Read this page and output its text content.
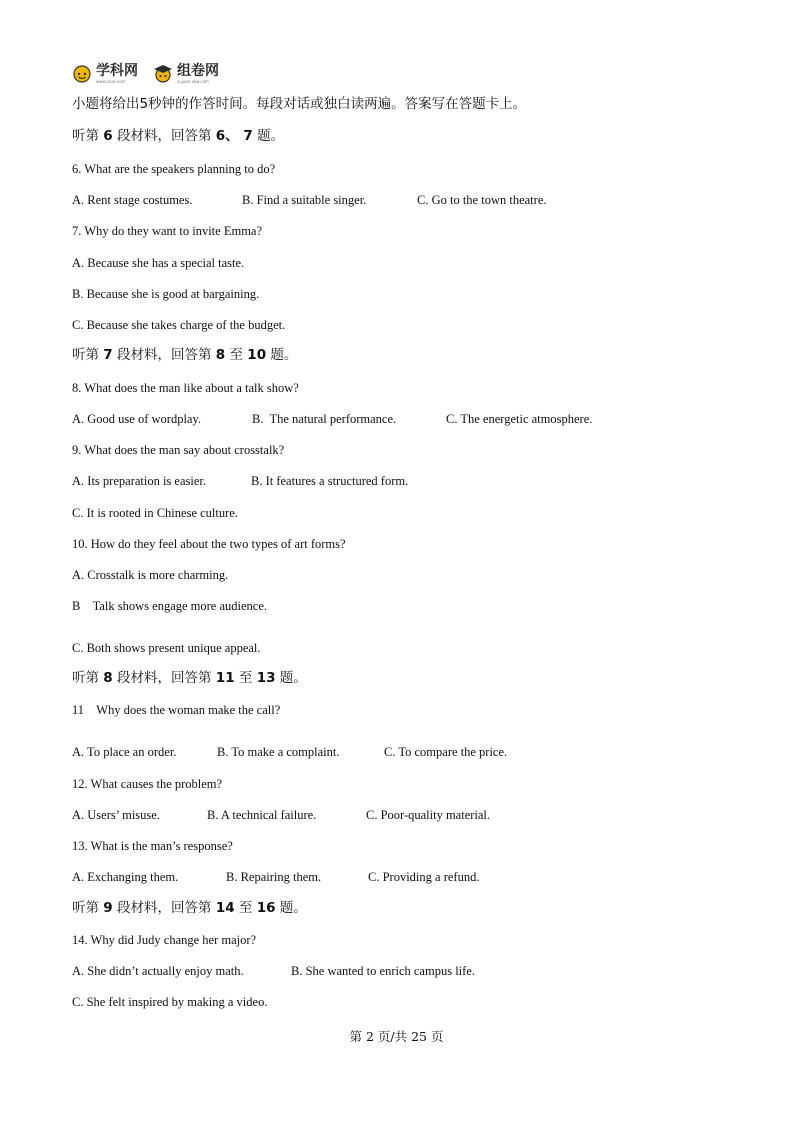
学科网
www.zxxk.com
组卷网
zujuan.xkw.com
小题将给出5秒钟的作答时间。每段对话或独白读两遍。答案写在答题卡上。
听第 6 段材料，回答第 6、 7 题。
6. What are the speakers planning to do?
A. Rent stage costumes.	B. Find a suitable singer.	C. Go to the town theatre.
7. Why do they want to invite Emma?
A. Because she has a special taste.
B. Because she is good at bargaining.
C. Because she takes charge of the budget.
听第 7 段材料，回答第 8 至 10 题。
8. What does the man like about a talk show?
A. Good use of wordplay.	B.  The natural performance.	C. The energetic atmosphere.
9. What does the man say about crosstalk?
A. Its preparation is easier.	B. It features a structured form.
C. It is rooted in Chinese culture.
10. How do they feel about the two types of art forms?
A. Crosstalk is more charming.
B    Talk shows engage more audience.
C. Both shows present unique appeal.
听第 8 段材料，回答第 11 至 13 题。
11    Why does the woman make the call?
A. To place an order.	B. To make a complaint.	C. To compare the price.
12. What causes the problem?
A. Users’ misuse.	B. A technical failure.	C. Poor-quality material.
13. What is the man’s response?
A. Exchanging them.	B. Repairing them.	C. Providing a refund.
听第 9 段材料，回答第 14 至 16 题。
14. Why did Judy change her major?
A. She didn’t actually enjoy math.	B. She wanted to enrich campus life.
C. She felt inspired by making a video.
第 2 页/共 25 页
